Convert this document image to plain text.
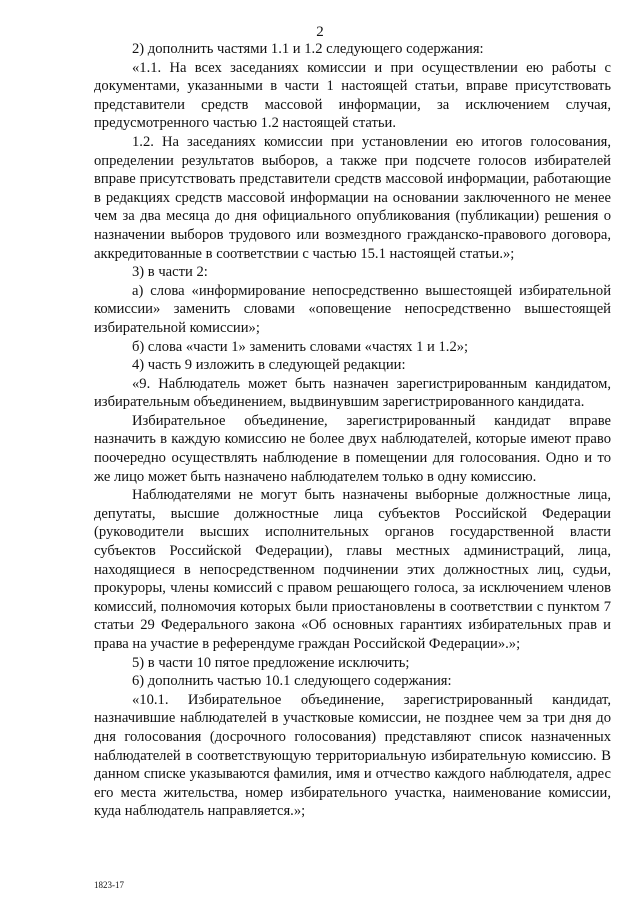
2

2) дополнить частями 1.1 и 1.2 следующего содержания:

«1.1. На всех заседаниях комиссии и при осуществлении ею работы с документами, указанными в части 1 настоящей статьи, вправе присутствовать представители средств массовой информации, за исключением случая, предусмотренного частью 1.2 настоящей статьи.

1.2. На заседаниях комиссии при установлении ею итогов голосования, определении результатов выборов, а также при подсчете голосов избирателей вправе присутствовать представители средств массовой информации, работающие в редакциях средств массовой информации на основании заключенного не менее чем за два месяца до дня официального опубликования (публикации) решения о назначении выборов трудового или возмездного гражданско-правового договора, аккредитованные в соответствии с частью 15.1 настоящей статьи.»;

3) в части 2:

а) слова «информирование непосредственно вышестоящей избирательной комиссии» заменить словами «оповещение непосредственно вышестоящей избирательной комиссии»;

б) слова «части 1» заменить словами «частях 1 и 1.2»;

4) часть 9 изложить в следующей редакции:

«9. Наблюдатель может быть назначен зарегистрированным кандидатом, избирательным объединением, выдвинувшим зарегистрированного кандидата.

Избирательное объединение, зарегистрированный кандидат вправе назначить в каждую комиссию не более двух наблюдателей, которые имеют право поочередно осуществлять наблюдение в помещении для голосования. Одно и то же лицо может быть назначено наблюдателем только в одну комиссию.

Наблюдателями не могут быть назначены выборные должностные лица, депутаты, высшие должностные лица субъектов Российской Федерации (руководители высших исполнительных органов государственной власти субъектов Российской Федерации), главы местных администраций, лица, находящиеся в непосредственном подчинении этих должностных лиц, судьи, прокуроры, члены комиссий с правом решающего голоса, за исключением членов комиссий, полномочия которых были приостановлены в соответствии с пунктом 7 статьи 29 Федерального закона «Об основных гарантиях избирательных прав и права на участие в референдуме граждан Российской Федерации».»;

5) в части 10 пятое предложение исключить;

6) дополнить частью 10.1 следующего содержания:

«10.1. Избирательное объединение, зарегистрированный кандидат, назначившие наблюдателей в участковые комиссии, не позднее чем за три дня до дня голосования (досрочного голосования) представляют список назначенных наблюдателей в соответствующую территориальную избирательную комиссию. В данном списке указываются фамилия, имя и отчество каждого наблюдателя, адрес его места жительства, номер избирательного участка, наименование комиссии, куда наблюдатель направляется.»;

1823-17
